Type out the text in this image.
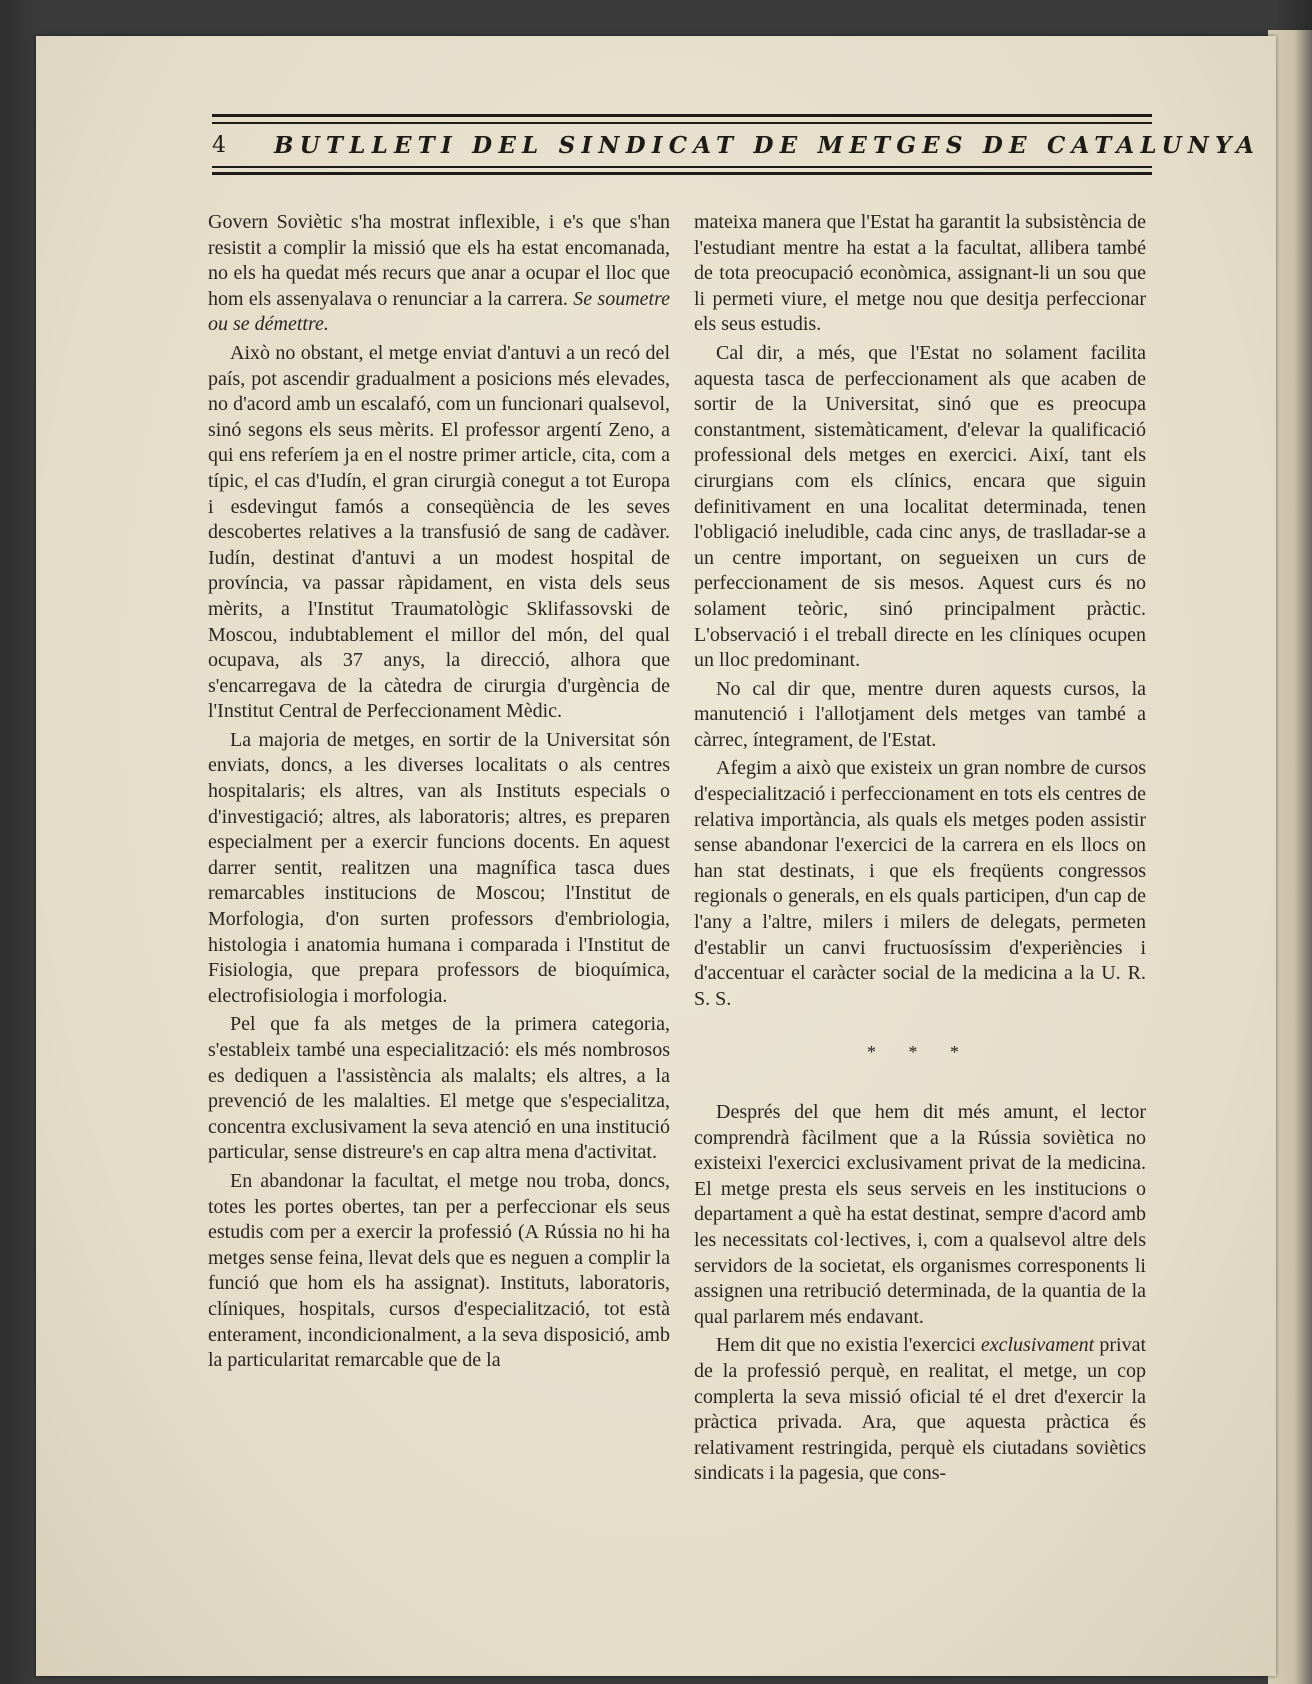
4 BUTLLETI DEL SINDICAT DE METGES DE CATALUNYA

Govern Soviètic s'ha mostrat inflexible, i e's que s'han resistit a complir la missió que els ha estat encomanada, no els ha quedat més recurs que anar a ocupar el lloc que hom els assenyalava o renunciar a la carrera. Se soumetre ou se démettre.

Això no obstant, el metge enviat d'antuvi a un recó del país, pot ascendir gradualment a posicions més elevades, no d'acord amb un escalafó, com un funcionari qualsevol, sinó segons els seus mèrits. El professor argentí Zeno, a qui ens referíem ja en el nostre primer article, cita, com a típic, el cas d'Iudín, el gran cirurgià conegut a tot Europa i esdevingut famós a conseqüència de les seves descobertes relatives a la transfusió de sang de cadàver. Iudín, destinat d'antuvi a un modest hospital de província, va passar ràpidament, en vista dels seus mèrits, a l'Institut Traumatològic Sklifassovski de Moscou, indubtablement el millor del món, del qual ocupava, als 37 anys, la direcció, alhora que s'encarregava de la càtedra de cirurgia d'urgència de l'Institut Central de Perfeccionament Mèdic.

La majoria de metges, en sortir de la Universitat són enviats, doncs, a les diverses localitats o als centres hospitalaris; els altres, van als Instituts especials o d'investigació; altres, als laboratoris; altres, es preparen especialment per a exercir funcions docents. En aquest darrer sentit, realitzen una magnífica tasca dues remarcables institucions de Moscou; l'Institut de Morfologia, d'on surten professors d'embriologia, histologia i anatomia humana i comparada i l'Institut de Fisiologia, que prepara professors de bioquímica, electrofisiologia i morfologia.

Pel que fa als metges de la primera categoria, s'estableix també una especialització: els més nombrosos es dediquen a l'assistència als malalts; els altres, a la prevenció de les malalties. El metge que s'especialitza, concentra exclusivament la seva atenció en una institució particular, sense distreure's en cap altra mena d'activitat.

En abandonar la facultat, el metge nou troba, doncs, totes les portes obertes, tan per a perfeccionar els seus estudis com per a exercir la professió (A Rússia no hi ha metges sense feina, llevat dels que es neguen a complir la funció que hom els ha assignat). Instituts, laboratoris, clíniques, hospitals, cursos d'especialització, tot està enterament, incondicionalment, a la seva disposició, amb la particularitat remarcable que de la

mateixa manera que l'Estat ha garantit la subsistència de l'estudiant mentre ha estat a la facultat, allibera també de tota preocupació econòmica, assignant-li un sou que li permeti viure, el metge nou que desitja perfeccionar els seus estudis.

Cal dir, a més, que l'Estat no solament facilita aquesta tasca de perfeccionament als que acaben de sortir de la Universitat, sinó que es preocupa constantment, sistemàticament, d'elevar la qualificació professional dels metges en exercici. Així, tant els cirurgians com els clínics, encara que siguin definitivament en una localitat determinada, tenen l'obligació ineludible, cada cinc anys, de traslladar-se a un centre important, on segueixen un curs de perfeccionament de sis mesos. Aquest curs és no solament teòric, sinó principalment pràctic. L'observació i el treball directe en les clíniques ocupen un lloc predominant.

No cal dir que, mentre duren aquests cursos, la manutenció i l'allotjament dels metges van també a càrrec, íntegrament, de l'Estat.

Afegim a això que existeix un gran nombre de cursos d'especialització i perfeccionament en tots els centres de relativa importància, als quals els metges poden assistir sense abandonar l'exercici de la carrera en els llocs on han stat destinats, i que els freqüents congressos regionals o generals, en els quals participen, d'un cap de l'any a l'altre, milers i milers de delegats, permeten d'establir un canvi fructuosíssim d'experiències i d'accentuar el caràcter social de la medicina a la U. R. S. S.

* * *

Després del que hem dit més amunt, el lector comprendrà fàcilment que a la Rússia soviètica no existeixi l'exercici exclusivament privat de la medicina. El metge presta els seus serveis en les institucions o departament a què ha estat destinat, sempre d'acord amb les necessitats col·lectives, i, com a qualsevol altre dels servidors de la societat, els organismes corresponents li assignen una retribució determinada, de la quantia de la qual parlarem més endavant.

Hem dit que no existia l'exercici exclusivament privat de la professió perquè, en realitat, el metge, un cop complerta la seva missió oficial té el dret d'exercir la pràctica privada. Ara, que aquesta pràctica és relativament restringida, perquè els ciutadans soviètics sindicats i la pagesia, que cons-
